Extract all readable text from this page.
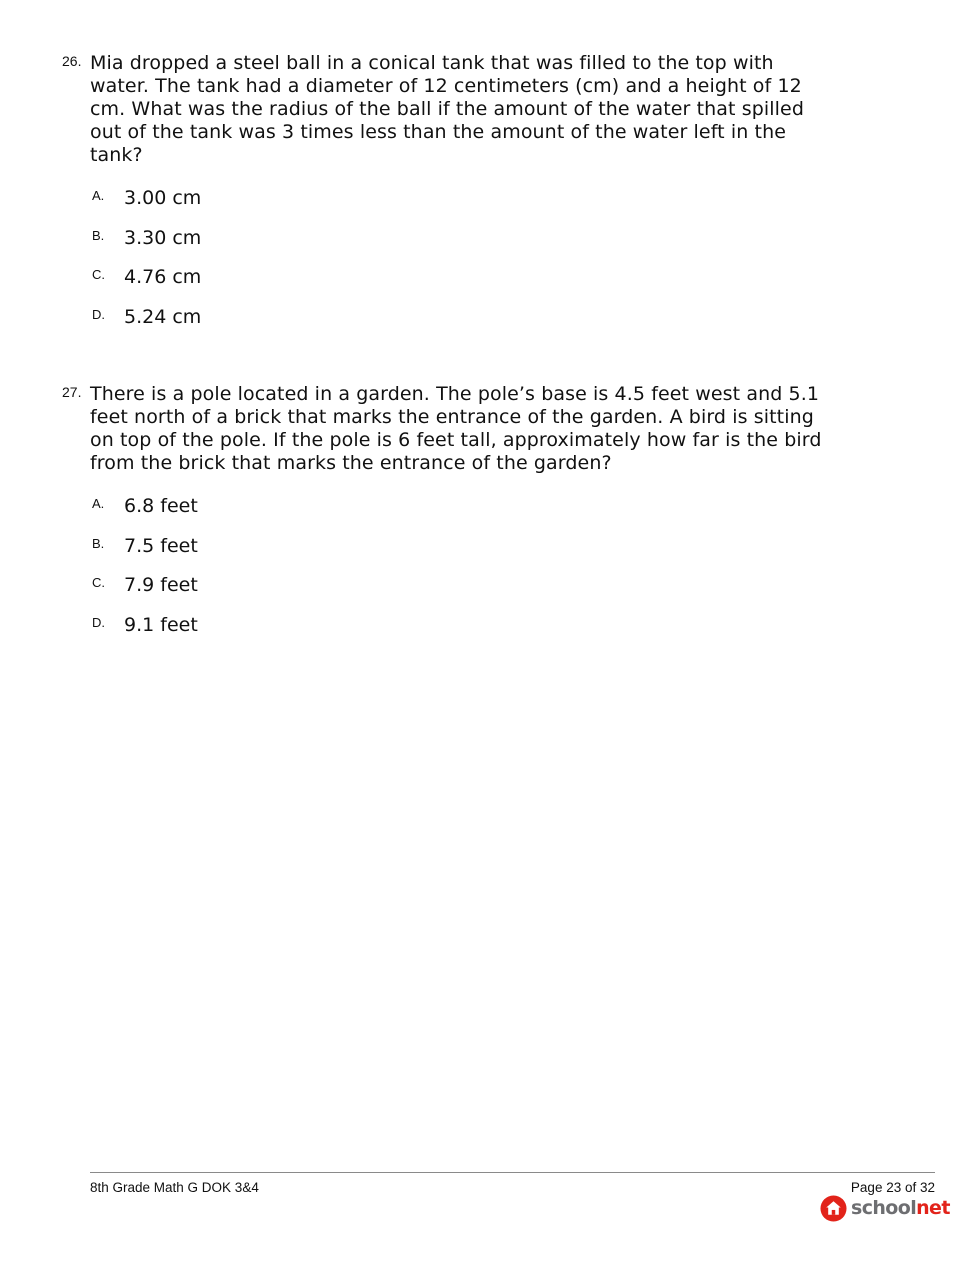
26. Mia dropped a steel ball in a conical tank that was filled to the top with water. The tank had a diameter of 12 centimeters (cm) and a height of 12 cm. What was the radius of the ball if the amount of the water that spilled out of the tank was 3 times less than the amount of the water left in the tank?

A. 3.00 cm
B. 3.30 cm
C. 4.76 cm
D. 5.24 cm
27. There is a pole located in a garden. The pole’s base is 4.5 feet west and 5.1 feet north of a brick that marks the entrance of the garden. A bird is sitting on top of the pole. If the pole is 6 feet tall, approximately how far is the bird from the brick that marks the entrance of the garden?

A. 6.8 feet
B. 7.5 feet
C. 7.9 feet
D. 9.1 feet
8th Grade Math G DOK 3&4	Page 23 of 32
schoolnet
